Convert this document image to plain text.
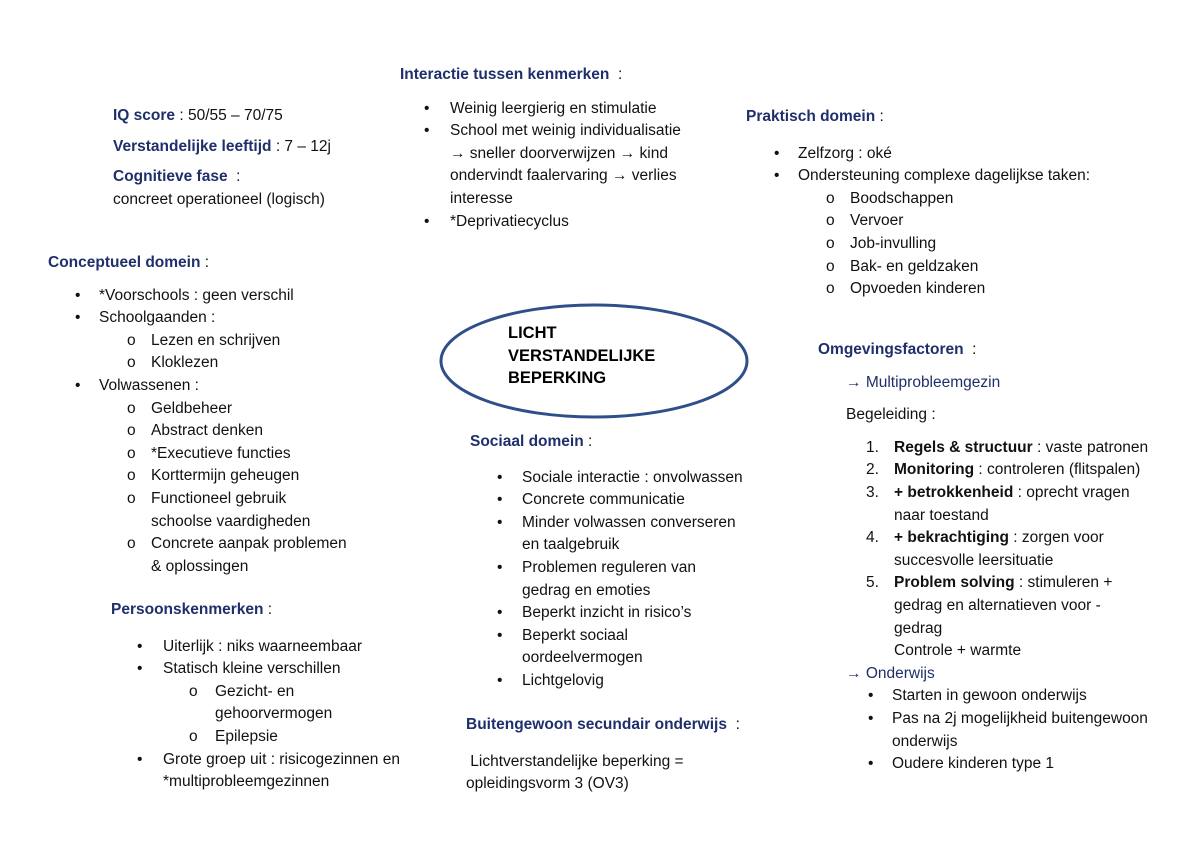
IQ score : 50/55 – 70/75
Verstandelijke leeftijd : 7 – 12j
Cognitieve fase  :
concreet operationeel (logisch)
Interactie tussen kenmerken  :
• Weinig leergierig en stimulatie
• School met weinig individualisatie
→ sneller doorverwijzen → kind
ondervindt faalervaring → verlies
interesse
• *Deprivatiecyclus
Praktisch domein :
• Zelfzorg : oké
• Ondersteuning complexe dagelijkse taken:
o Boodschappen
o Vervoer
o Job-invulling
o Bak- en geldzaken
o Opvoeden kinderen
Conceptueel domein :
• *Voorschools : geen verschil
• Schoolgaanden :
o Lezen en schrijven
o Kloklezen
• Volwassenen :
o Geldbeheer
o Abstract denken
o *Executieve functies
o Korttermijn geheugen
o Functioneel gebruik
schoolse vaardigheden
o Concrete aanpak problemen
& oplossingen
LICHT
VERSTANDELIJKE
BEPERKING
Omgevingsfactoren  :
→ Multiprobleemgezin
Begeleiding :
1. Regels & structuur : vaste patronen
2. Monitoring : controleren (flitspalen)
3. + betrokkenheid : oprecht vragen
naar toestand
4. + bekrachtiging : zorgen voor
succesvolle leersituatie
5. Problem solving : stimuleren +
gedrag en alternatieven voor -
gedrag
Controle + warmte
→ Onderwijs
• Starten in gewoon onderwijs
• Pas na 2j mogelijkheid buitengewoon
onderwijs
• Oudere kinderen type 1
Sociaal domein :
• Sociale interactie : onvolwassen
• Concrete communicatie
• Minder volwassen converseren
en taalgebruik
• Problemen reguleren van
gedrag en emoties
• Beperkt inzicht in risico’s
• Beperkt sociaal
oordeelvermogen
• Lichtgelovig
Persoonskenmerken :
• Uiterlijk : niks waarneembaar
• Statisch kleine verschillen
o Gezicht- en
gehoorvermogen
o Epilepsie
• Grote groep uit : risicogezinnen en
*multiprobleemgezinnen
Buitengewoon secundair onderwijs  :
Lichtverstandelijke beperking =
opleidingsvorm 3 (OV3)
